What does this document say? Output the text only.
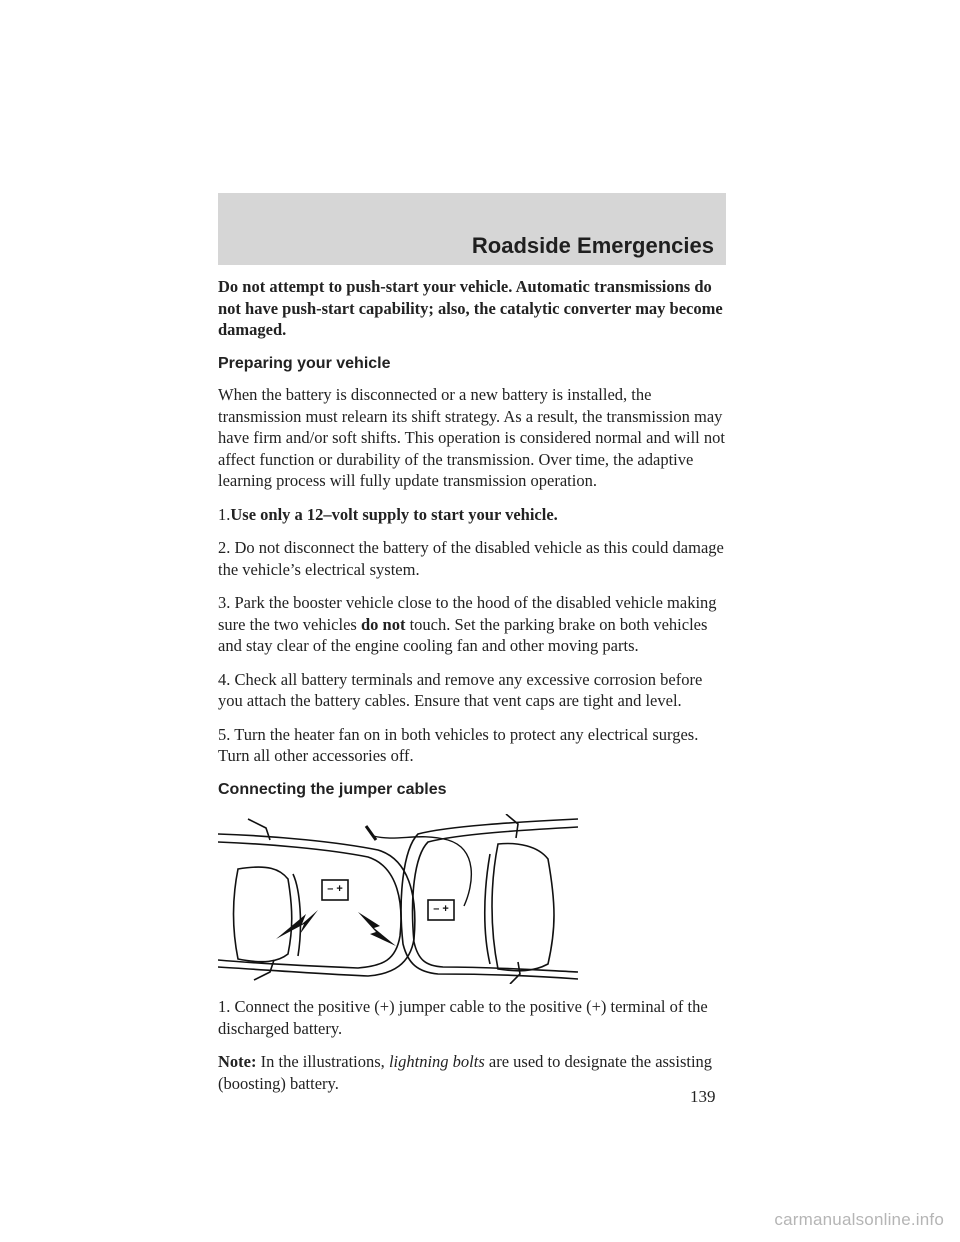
Roadside Emergencies

Do not attempt to push-start your vehicle. Automatic transmissions do not have push-start capability; also, the catalytic converter may become damaged.

Preparing your vehicle

When the battery is disconnected or a new battery is installed, the transmission must relearn its shift strategy. As a result, the transmission may have firm and/or soft shifts. This operation is considered normal and will not affect function or durability of the transmission. Over time, the adaptive learning process will fully update transmission operation.

1.Use only a 12–volt supply to start your vehicle.

2. Do not disconnect the battery of the disabled vehicle as this could damage the vehicle’s electrical system.

3. Park the booster vehicle close to the hood of the disabled vehicle making sure the two vehicles do not touch. Set the parking brake on both vehicles and stay clear of the engine cooling fan and other moving parts.

4. Check all battery terminals and remove any excessive corrosion before you attach the battery cables. Ensure that vent caps are tight and level.

5. Turn the heater fan on in both vehicles to protect any electrical surges. Turn all other accessories off.

Connecting the jumper cables
– +
– +

1. Connect the positive (+) jumper cable to the positive (+) terminal of the discharged battery.

Note: In the illustrations, lightning bolts are used to designate the assisting (boosting) battery.

139
carmanualsonline.info
